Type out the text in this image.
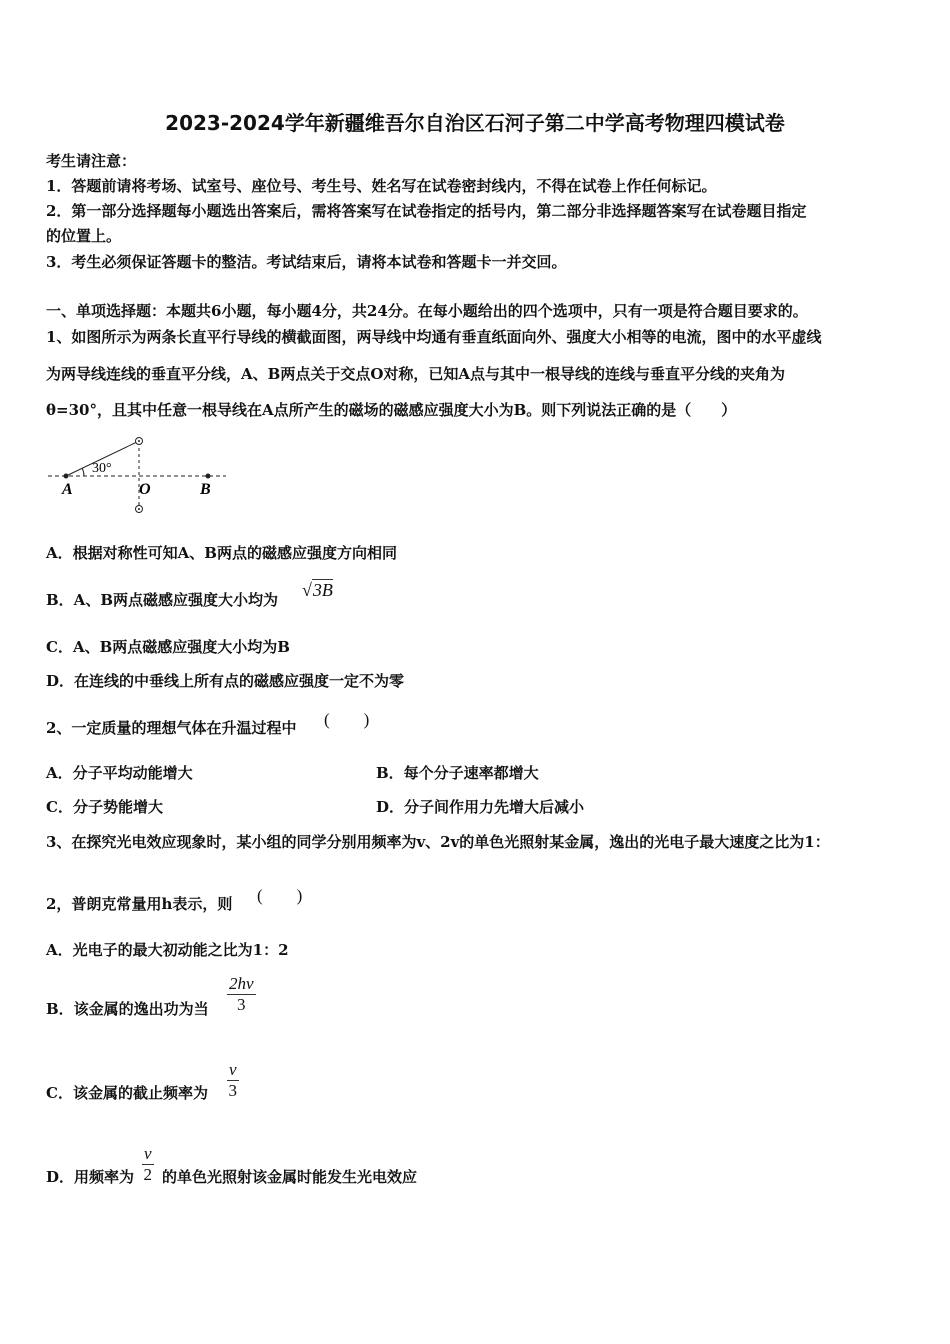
2023-2024学年新疆维吾尔自治区石河子第二中学高考物理四模试卷
考生请注意：
1．答题前请将考场、试室号、座位号、考生号、姓名写在试卷密封线内，不得在试卷上作任何标记。
2．第一部分选择题每小题选出答案后，需将答案写在试卷指定的括号内，第二部分非选择题答案写在试卷题目指定
的位置上。
3．考生必须保证答题卡的整洁。考试结束后，请将本试卷和答题卡一并交回。
一、单项选择题：本题共6小题，每小题4分，共24分。在每小题给出的四个选项中，只有一项是符合题目要求的。
1、如图所示为两条长直平行导线的横截面图，两导线中均通有垂直纸面向外、强度大小相等的电流，图中的水平虚线
为两导线连线的垂直平分线，A、B两点关于交点O对称，已知A点与其中一根导线的连线与垂直平分线的夹角为
θ=30°，且其中任意一根导线在A点所产生的磁场的磁感应强度大小为B。则下列说法正确的是（　　）
30°
A	O	B
A．根据对称性可知A、B两点的磁感应强度方向相同
B．A、B两点磁感应强度大小均为 √3B
C．A、B两点磁感应强度大小均为B
D．在连线的中垂线上所有点的磁感应强度一定不为零
2、一定质量的理想气体在升温过程中 (　　)
A．分子平均动能增大	B．每个分子速率都增大
C．分子势能增大	D．分子间作用力先增大后减小
3、在探究光电效应现象时，某小组的同学分别用频率为v、2v的单色光照射某金属，逸出的光电子最大速度之比为1：
2，普朗克常量用h表示，则 (　　)
A．光电子的最大初动能之比为1：2
B．该金属的逸出功为当
2hv
3
C．该金属的截止频率为
v
3
D．用频率为
v
2 的单色光照射该金属时能发生光电效应
